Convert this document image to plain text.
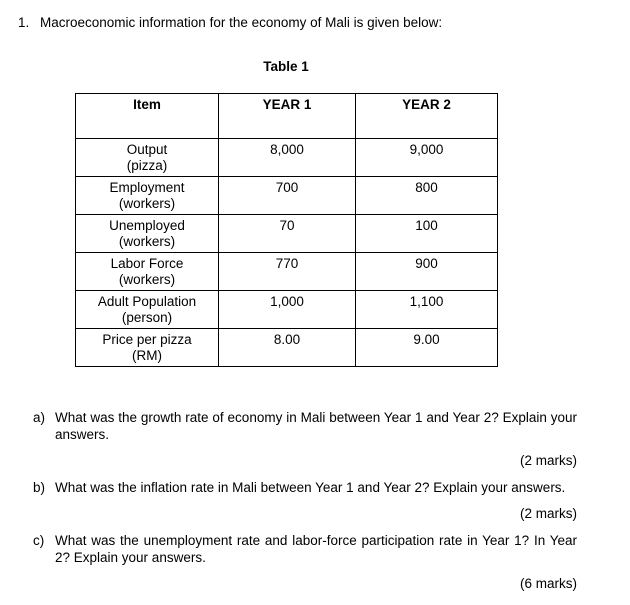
1. Macroeconomic information for the economy of Mali is given below:
Table 1
Item	YEAR 1	YEAR 2

Output
(pizza)	8,000	9,000

Employment
(workers)	700	800

Unemployed
(workers)	70	100

Labor Force
(workers)	770	900

Adult Population
(person)	1,000	1,100

Price per pizza
(RM)	8.00	9.00
a) What was the growth rate of economy in Mali between Year 1 and Year 2? Explain your answers.
(2 marks)
b) What was the inflation rate in Mali between Year 1 and Year 2? Explain your answers.
(2 marks)
c) What was the unemployment rate and labor-force participation rate in Year 1? In Year 2? Explain your answers.
(6 marks)
